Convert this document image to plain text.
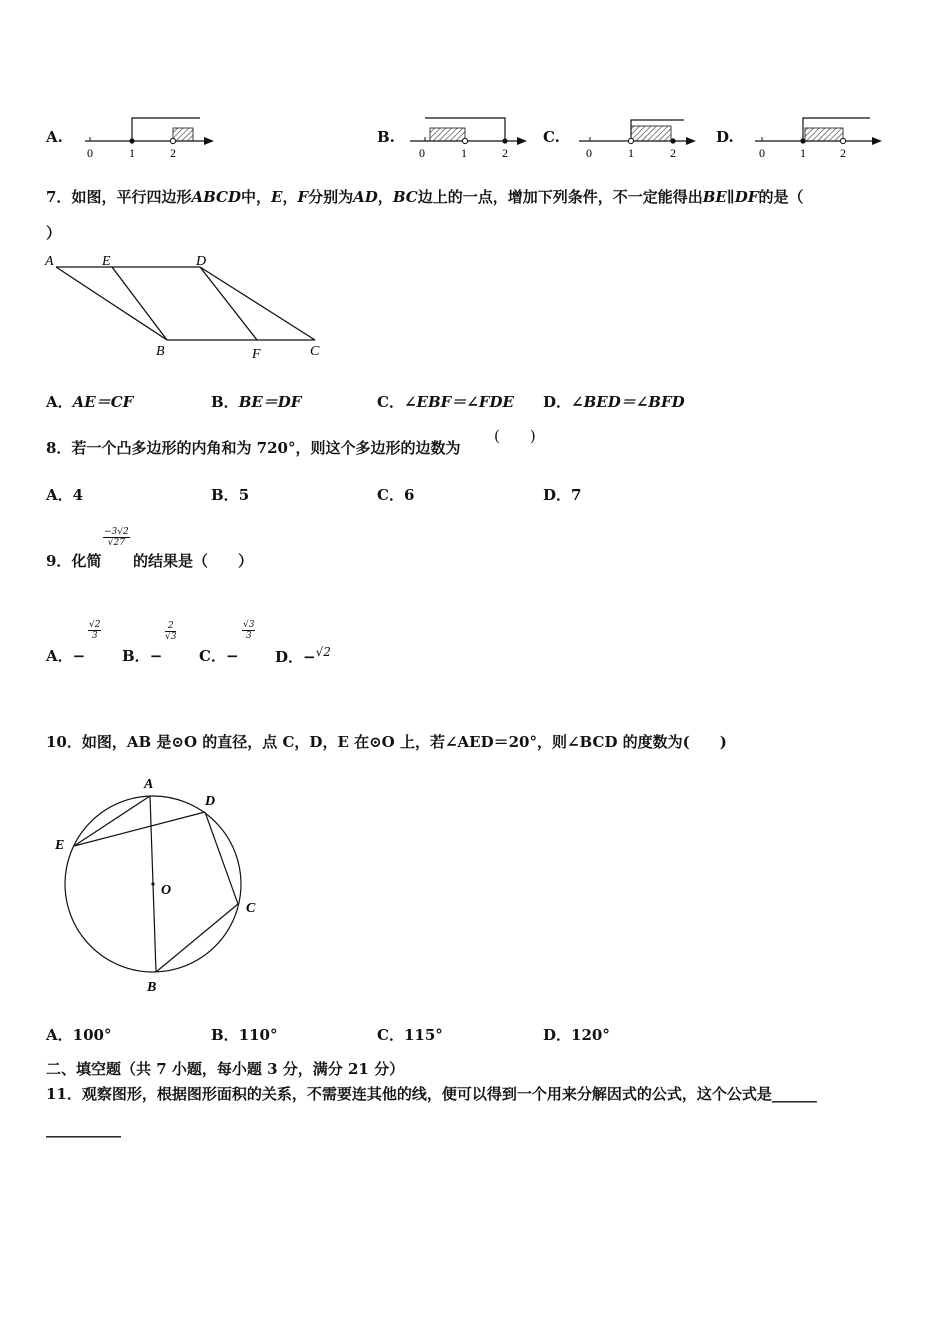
A.
0	1	2
B.
0	1	2
C.
0	1	2
D.
0	1	2
7．如图，平行四边形ABCD中，E，F分别为AD，BC边上的一点，增加下列条件，不一定能得出BE∥DF的是（
）
A	E	D
B	F	C
A．AE＝CF	B．BE＝DF	C．∠EBF＝∠FDE D．∠BED＝∠BFD
8．若一个凸多边形的内角和为 720°，则这个多边形的边数为
(　　)
A．4	B．5	C．6	D．7
9．化简
$\frac{-3√2}{√27}$
的结果是（　　）
A．−
$\frac{√2}{3}$
B．−
$\frac{2}{√3}$
C．−
$\frac{√3}{3}$
D．−$^{√2}$
10．如图，AB 是⊙O 的直径，点 C，D，E 在⊙O 上，若∠AED＝20°，则∠BCD 的度数为(　　)
A
D
E
O
C
B
A．100°	B．110°	C．115°	D．120°
二、填空题（共 7 小题，每小题 3 分，满分 21 分）
11．观察图形，根据图形面积的关系，不需要连其他的线，便可以得到一个用来分解因式的公式，这个公式是______
__________
